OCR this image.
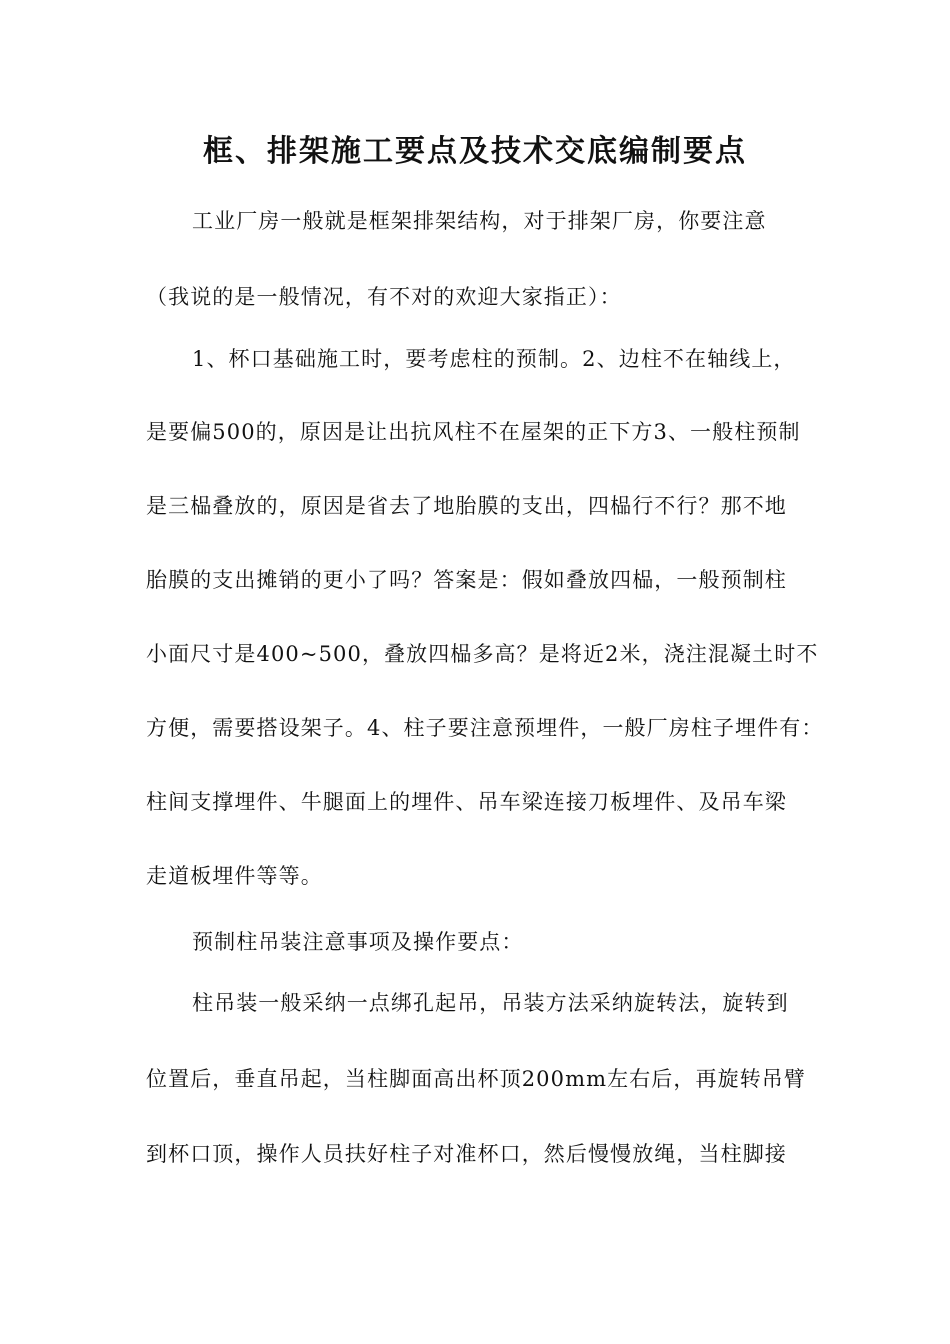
框、排架施工要点及技术交底编制要点

工业厂房一般就是框架排架结构，对于排架厂房，你要注意

（我说的是一般情况，有不对的欢迎大家指正）：

1、杯口基础施工时，要考虑柱的预制。2、边柱不在轴线上，

是要偏500的，原因是让出抗风柱不在屋架的正下方3、一般柱预制

是三榀叠放的，原因是省去了地胎膜的支出，四榀行不行？那不地

胎膜的支出摊销的更小了吗？答案是：假如叠放四榀，一般预制柱

小面尺寸是400~500，叠放四榀多高？是将近2米，浇注混凝土时不

方便，需要搭设架子。4、柱子要注意预埋件，一般厂房柱子埋件有：

柱间支撑埋件、牛腿面上的埋件、吊车梁连接刀板埋件、及吊车梁

走道板埋件等等。

预制柱吊装注意事项及操作要点：

柱吊装一般采纳一点绑孔起吊，吊装方法采纳旋转法，旋转到

位置后，垂直吊起，当柱脚面高出杯顶200mm左右后，再旋转吊臂

到杯口顶，操作人员扶好柱子对准杯口，然后慢慢放绳，当柱脚接
